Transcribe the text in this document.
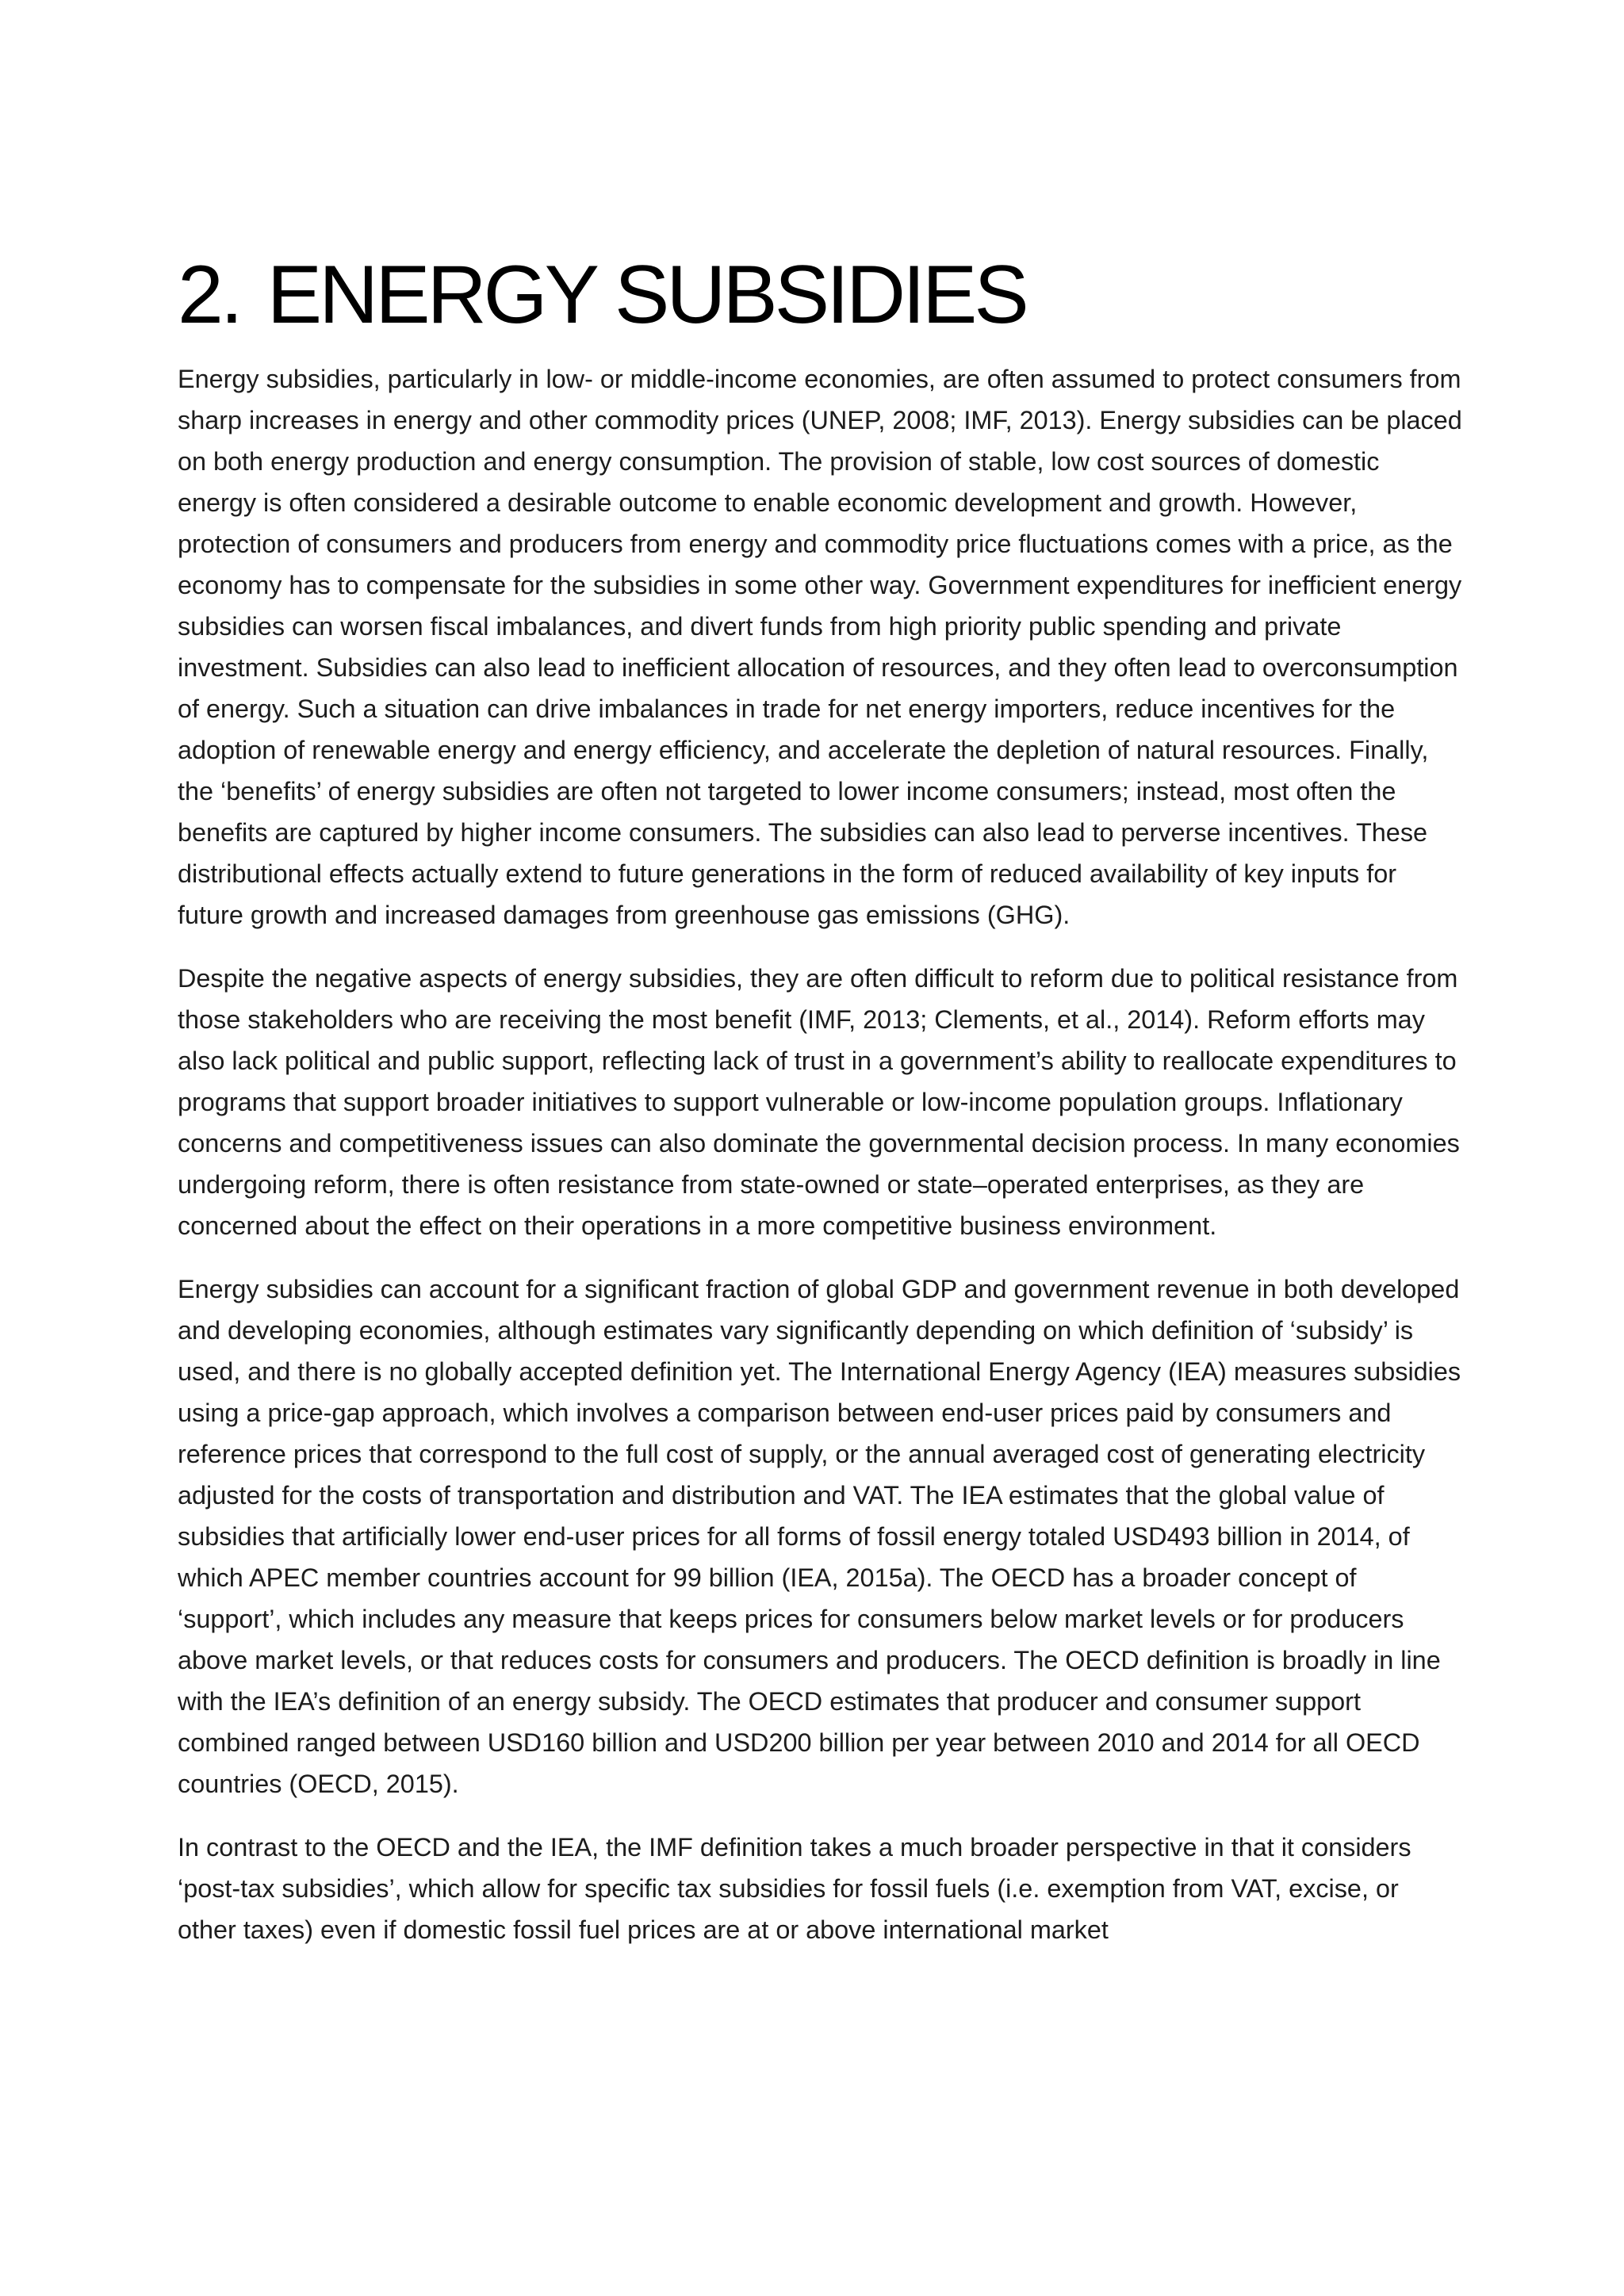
2. ENERGY SUBSIDIES

Energy subsidies, particularly in low- or middle-income economies, are often assumed to protect consumers from sharp increases in energy and other commodity prices (UNEP, 2008; IMF, 2013). Energy subsidies can be placed on both energy production and energy consumption. The provision of stable, low cost sources of domestic energy is often considered a desirable outcome to enable economic development and growth. However, protection of consumers and producers from energy and commodity price fluctuations comes with a price, as the economy has to compensate for the subsidies in some other way. Government expenditures for inefficient energy subsidies can worsen fiscal imbalances, and divert funds from high priority public spending and private investment. Subsidies can also lead to inefficient allocation of resources, and they often lead to overconsumption of energy. Such a situation can drive imbalances in trade for net energy importers, reduce incentives for the adoption of renewable energy and energy efficiency, and accelerate the depletion of natural resources. Finally, the ‘benefits’ of energy subsidies are often not targeted to lower income consumers; instead, most often the benefits are captured by higher income consumers. The subsidies can also lead to perverse incentives. These distributional effects actually extend to future generations in the form of reduced availability of key inputs for future growth and increased damages from greenhouse gas emissions (GHG).

Despite the negative aspects of energy subsidies, they are often difficult to reform due to political resistance from those stakeholders who are receiving the most benefit (IMF, 2013; Clements, et al., 2014). Reform efforts may also lack political and public support, reflecting lack of trust in a government’s ability to reallocate expenditures to programs that support broader initiatives to support vulnerable or low-income population groups. Inflationary concerns and competitiveness issues can also dominate the governmental decision process. In many economies undergoing reform, there is often resistance from state-owned or state–operated enterprises, as they are concerned about the effect on their operations in a more competitive business environment.

Energy subsidies can account for a significant fraction of global GDP and government revenue in both developed and developing economies, although estimates vary significantly depending on which definition of ‘subsidy’ is used, and there is no globally accepted definition yet. The International Energy Agency (IEA) measures subsidies using a price-gap approach, which involves a comparison between end-user prices paid by consumers and reference prices that correspond to the full cost of supply, or the annual averaged cost of generating electricity adjusted for the costs of transportation and distribution and VAT. The IEA estimates that the global value of subsidies that artificially lower end-user prices for all forms of fossil energy totaled USD493 billion in 2014, of which APEC member countries account for 99 billion (IEA, 2015a). The OECD has a broader concept of ‘support’, which includes any measure that keeps prices for consumers below market levels or for producers above market levels, or that reduces costs for consumers and producers. The OECD definition is broadly in line with the IEA’s definition of an energy subsidy. The OECD estimates that producer and consumer support combined ranged between USD160 billion and USD200 billion per year between 2010 and 2014 for all OECD countries (OECD, 2015).

In contrast to the OECD and the IEA, the IMF definition takes a much broader perspective in that it considers ‘post-tax subsidies’, which allow for specific tax subsidies for fossil fuels (i.e. exemption from VAT, excise, or other taxes) even if domestic fossil fuel prices are at or above international market
